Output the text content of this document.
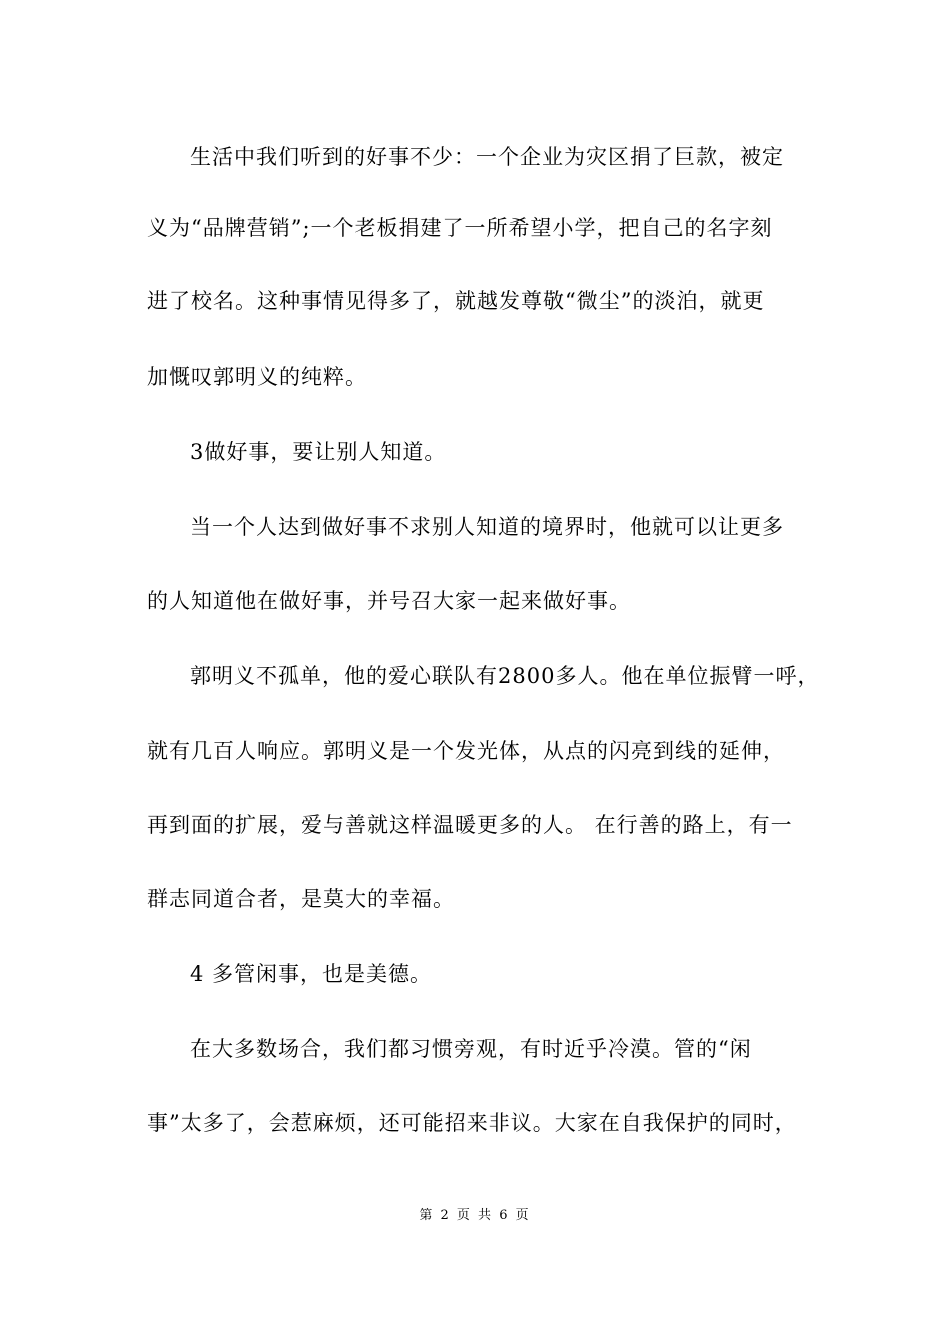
生活中我们听到的好事不少：一个企业为灾区捐了巨款，被定
义为“品牌营销”;一个老板捐建了一所希望小学，把自己的名字刻
进了校名。这种事情见得多了，就越发尊敬“微尘”的淡泊，就更
加慨叹郭明义的纯粹。
3做好事，要让别人知道。
当一个人达到做好事不求别人知道的境界时，他就可以让更多
的人知道他在做好事，并号召大家一起来做好事。
郭明义不孤单，他的爱心联队有2800多人。他在单位振臂一呼，
就有几百人响应。郭明义是一个发光体，从点的闪亮到线的延伸，
再到面的扩展，爱与善就这样温暖更多的人。 在行善的路上，有一
群志同道合者，是莫大的幸福。
4 多管闲事，也是美德。
在大多数场合，我们都习惯旁观，有时近乎冷漠。管的“闲
事”太多了，会惹麻烦，还可能招来非议。大家在自我保护的同时，
第 2 页 共 6 页
